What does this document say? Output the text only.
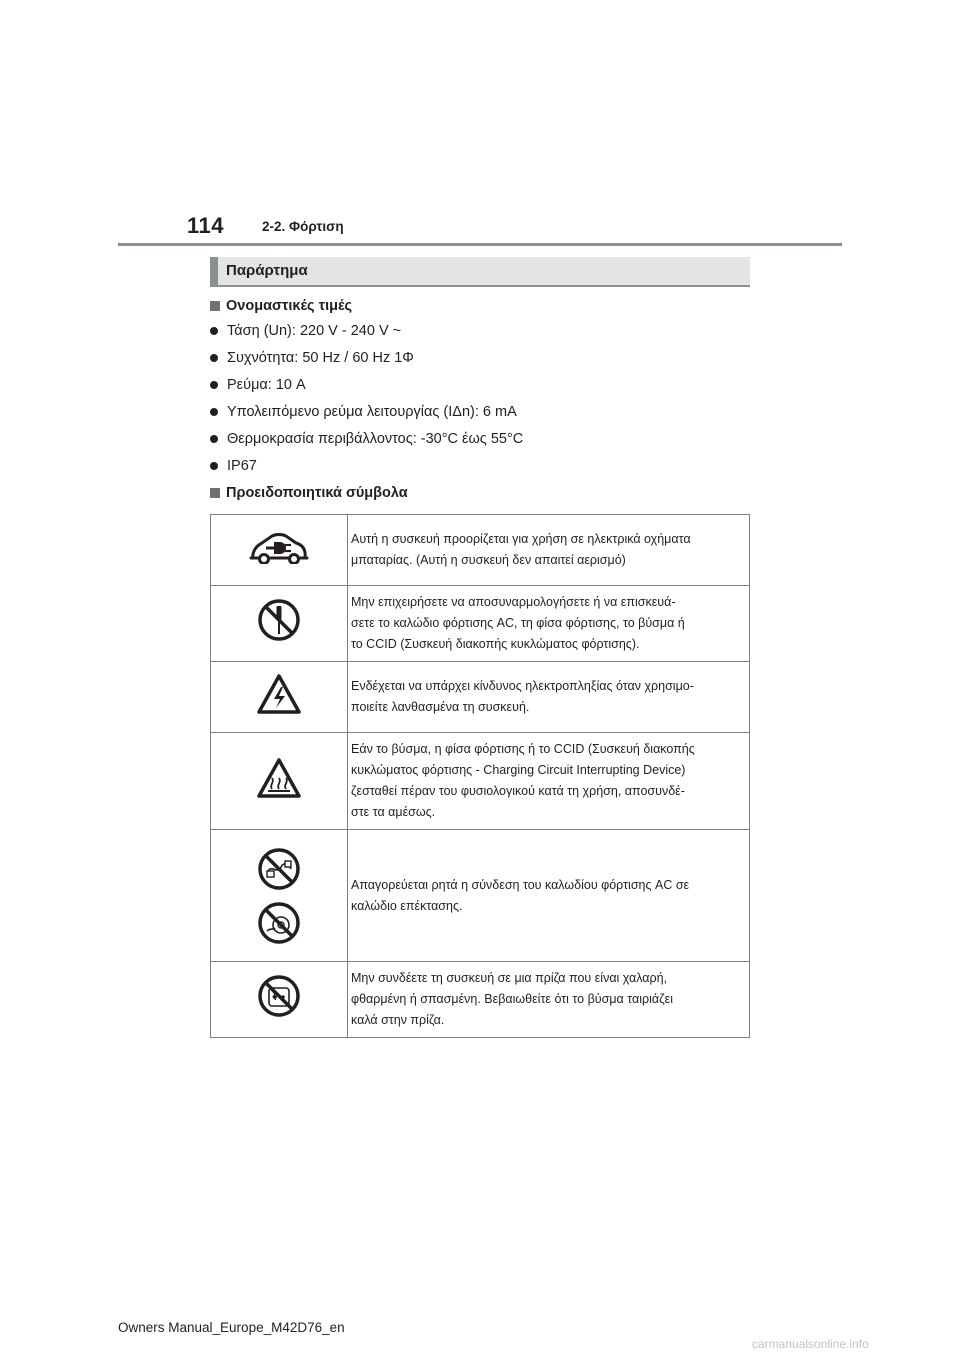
114	2-2. Φόρτιση
Παράρτημα
Ονομαστικές τιμές
Τάση (Un): 220 V - 240 V ~
Συχνότητα: 50 Hz / 60 Hz 1Φ
Ρεύμα: 10 A
Υπολειπόμενο ρεύμα λειτουργίας (IΔn): 6 mA
Θερμοκρασία περιβάλλοντος: -30°C έως 55°C
IP67
Προειδοποιητικά σύμβολα

Αυτή η συσκευή προορίζεται για χρήση σε ηλεκτρικά οχήματα
μπαταρίας. (Αυτή η συσκευή δεν απαιτεί αερισμό)

Μην επιχειρήσετε να αποσυναρμολογήσετε ή να επισκευά-
σετε το καλώδιο φόρτισης AC, τη φίσα φόρτισης, το βύσμα ή
το CCID (Συσκευή διακοπής κυκλώματος φόρτισης).

Ενδέχεται να υπάρχει κίνδυνος ηλεκτροπληξίας όταν χρησιμο-
ποιείτε λανθασμένα τη συσκευή.

Εάν το βύσμα, η φίσα φόρτισης ή το CCID (Συσκευή διακοπής
κυκλώματος φόρτισης - Charging Circuit Interrupting Device)
ζεσταθεί πέραν του φυσιολογικού κατά τη χρήση, αποσυνδέ-
στε τα αμέσως.

Απαγορεύεται ρητά η σύνδεση του καλωδίου φόρτισης AC σε
καλώδιο επέκτασης.

Μην συνδέετε τη συσκευή σε μια πρίζα που είναι χαλαρή,
φθαρμένη ή σπασμένη. Βεβαιωθείτε ότι το βύσμα ταιριάζει
καλά στην πρίζα.
Owners Manual_Europe_M42D76_en
carmanualsonline.info
